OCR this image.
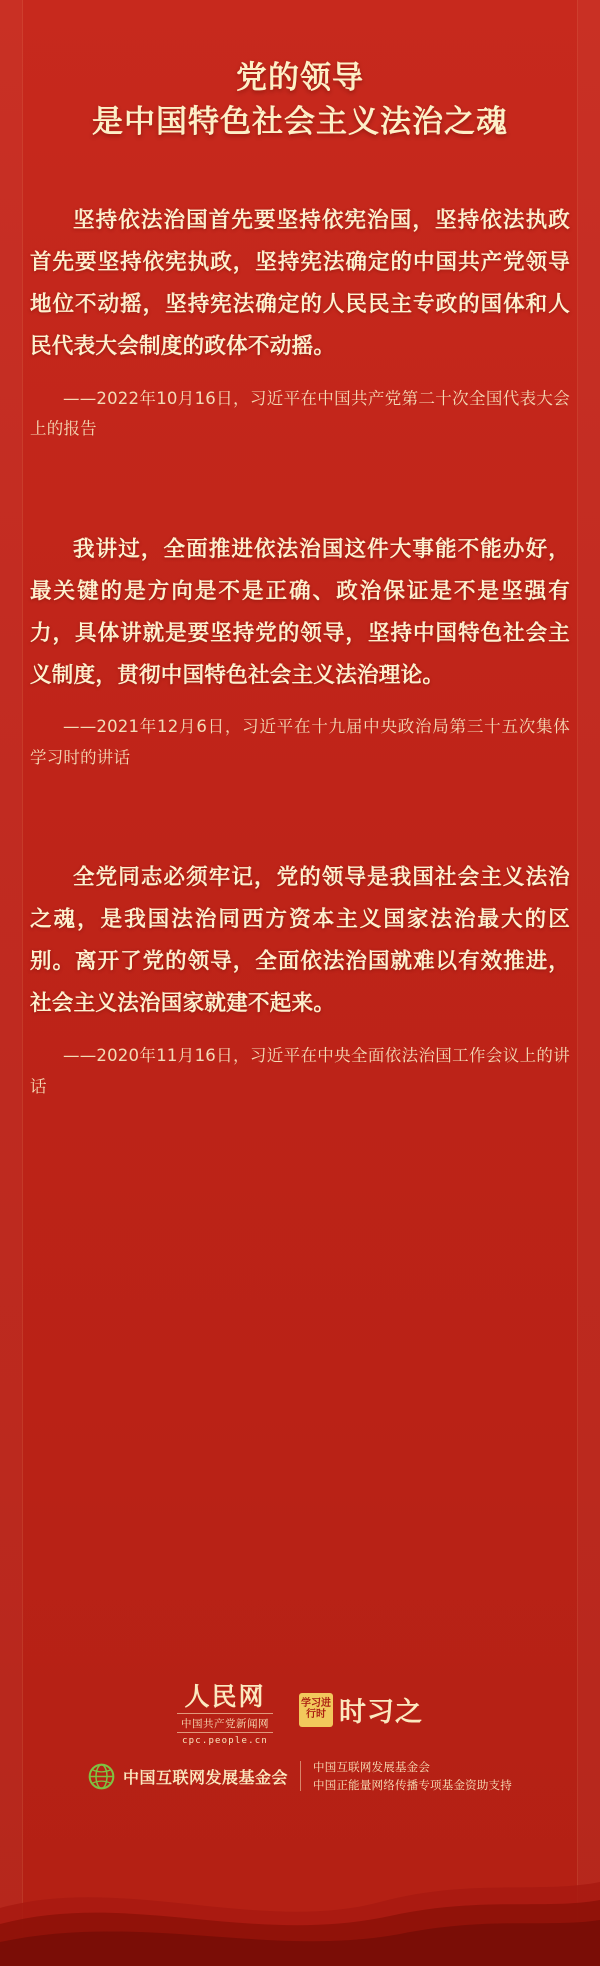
党的领导
是中国特色社会主义法治之魂
坚持依法治国首先要坚持依宪治国，坚持依法执政首先要坚持依宪执政，坚持宪法确定的中国共产党领导地位不动摇，坚持宪法确定的人民民主专政的国体和人民代表大会制度的政体不动摇。
——2022年10月16日，习近平在中国共产党第二十次全国代表大会上的报告
我讲过，全面推进依法治国这件大事能不能办好，最关键的是方向是不是正确、政治保证是不是坚强有力，具体讲就是要坚持党的领导，坚持中国特色社会主义制度，贯彻中国特色社会主义法治理论。
——2021年12月6日，习近平在十九届中央政治局第三十五次集体学习时的讲话
全党同志必须牢记，党的领导是我国社会主义法治之魂，是我国法治同西方资本主义国家法治最大的区别。离开了党的领导，全面依法治国就难以有效推进，社会主义法治国家就建不起来。
——2020年11月16日，习近平在中央全面依法治国工作会议上的讲话
人民网
中国共产党新闻网
cpc.people.cn
学习进行时 时习之
中国互联网发展基金会
中国互联网发展基金会
中国正能量网络传播专项基金资助支持
